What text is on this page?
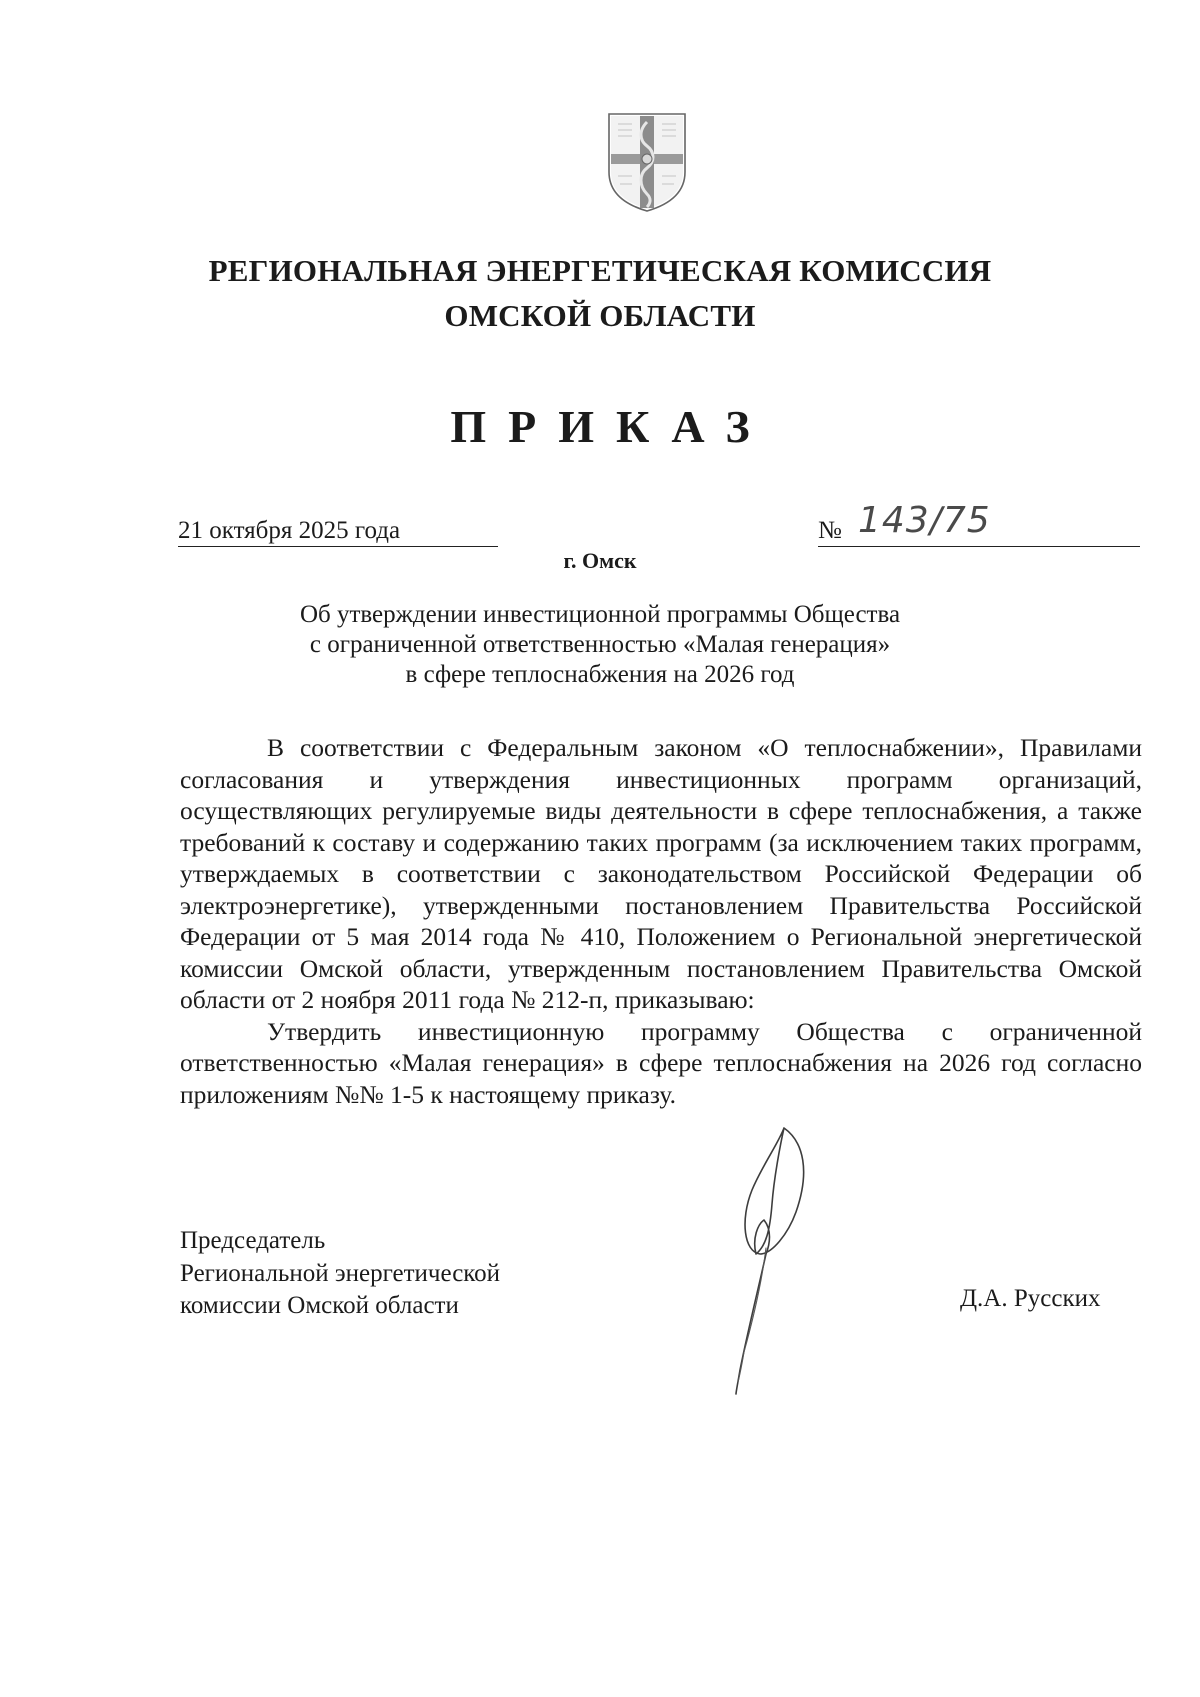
РЕГИОНАЛЬНАЯ ЭНЕРГЕТИЧЕСКАЯ КОМИССИЯ
ОМСКОЙ ОБЛАСТИ
ПРИКАЗ
21 октября 2025 года	№ 143/75
г. Омск
Об утверждении инвестиционной программы Общества
с ограниченной ответственностью «Малая генерация»
в сфере теплоснабжения на 2026 год

В соответствии с Федеральным законом «О теплоснабжении», Правилами согласования и утверждения инвестиционных программ организаций, осуществляющих регулируемые виды деятельности в сфере теплоснабжения, а также требований к составу и содержанию таких программ (за исключением таких программ, утверждаемых в соответствии с законодательством Российской Федерации об электроэнергетике), утвержденными постановлением Правительства Российской Федерации от 5 мая 2014 года № 410, Положением о Региональной энергетической комиссии Омской области, утвержденным постановлением Правительства Омской области от 2 ноября 2011 года № 212-п, приказываю:

Утвердить инвестиционную программу Общества с ограниченной ответственностью «Малая генерация» в сфере теплоснабжения на 2026 год согласно приложениям №№ 1-5 к настоящему приказу.

Председатель
Региональной энергетической
комиссии Омской области	Д.А. Русских
